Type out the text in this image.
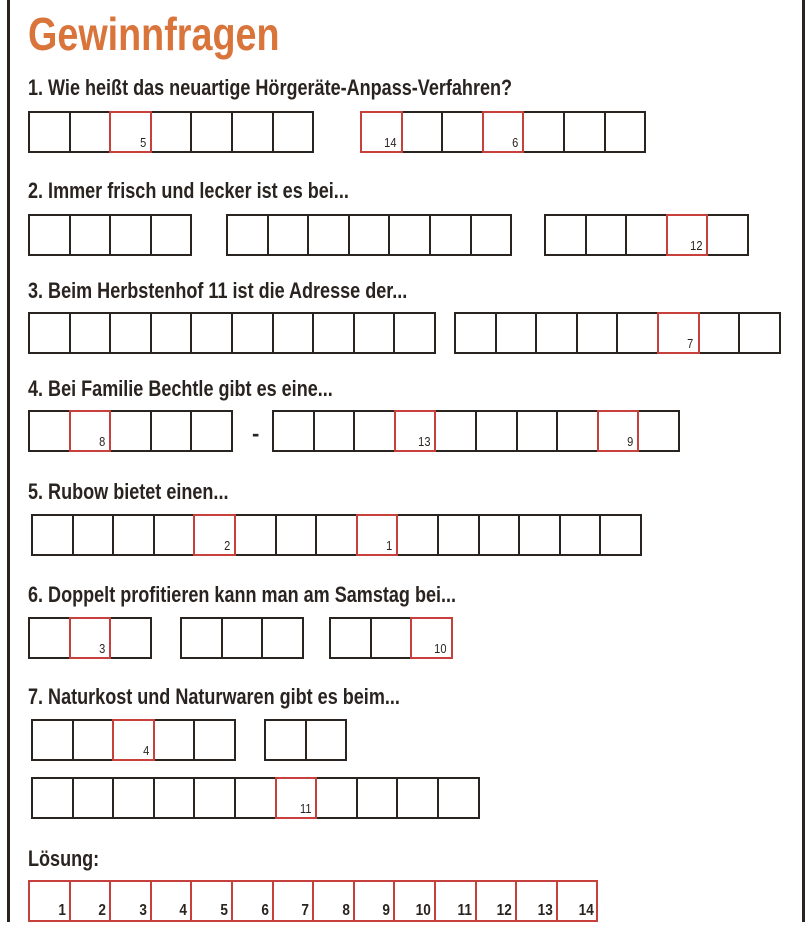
Gewinnfragen
1. Wie heißt das neuartige Hörgeräte-Anpass-Verfahren?
5	14	6
2. Immer frisch und lecker ist es bei...
12
3. Beim Herbstenhof 11 ist die Adresse der...
7
4. Bei Familie Bechtle gibt es eine...
8	-	13	9
5. Rubow bietet einen...
2	1
6. Doppelt profitieren kann man am Samstag bei...
3	10
7. Naturkost und Naturwaren gibt es beim...
4
11
Lösung:
1 2 3 4 5 6 7 8 9 10 11 12 13 14
